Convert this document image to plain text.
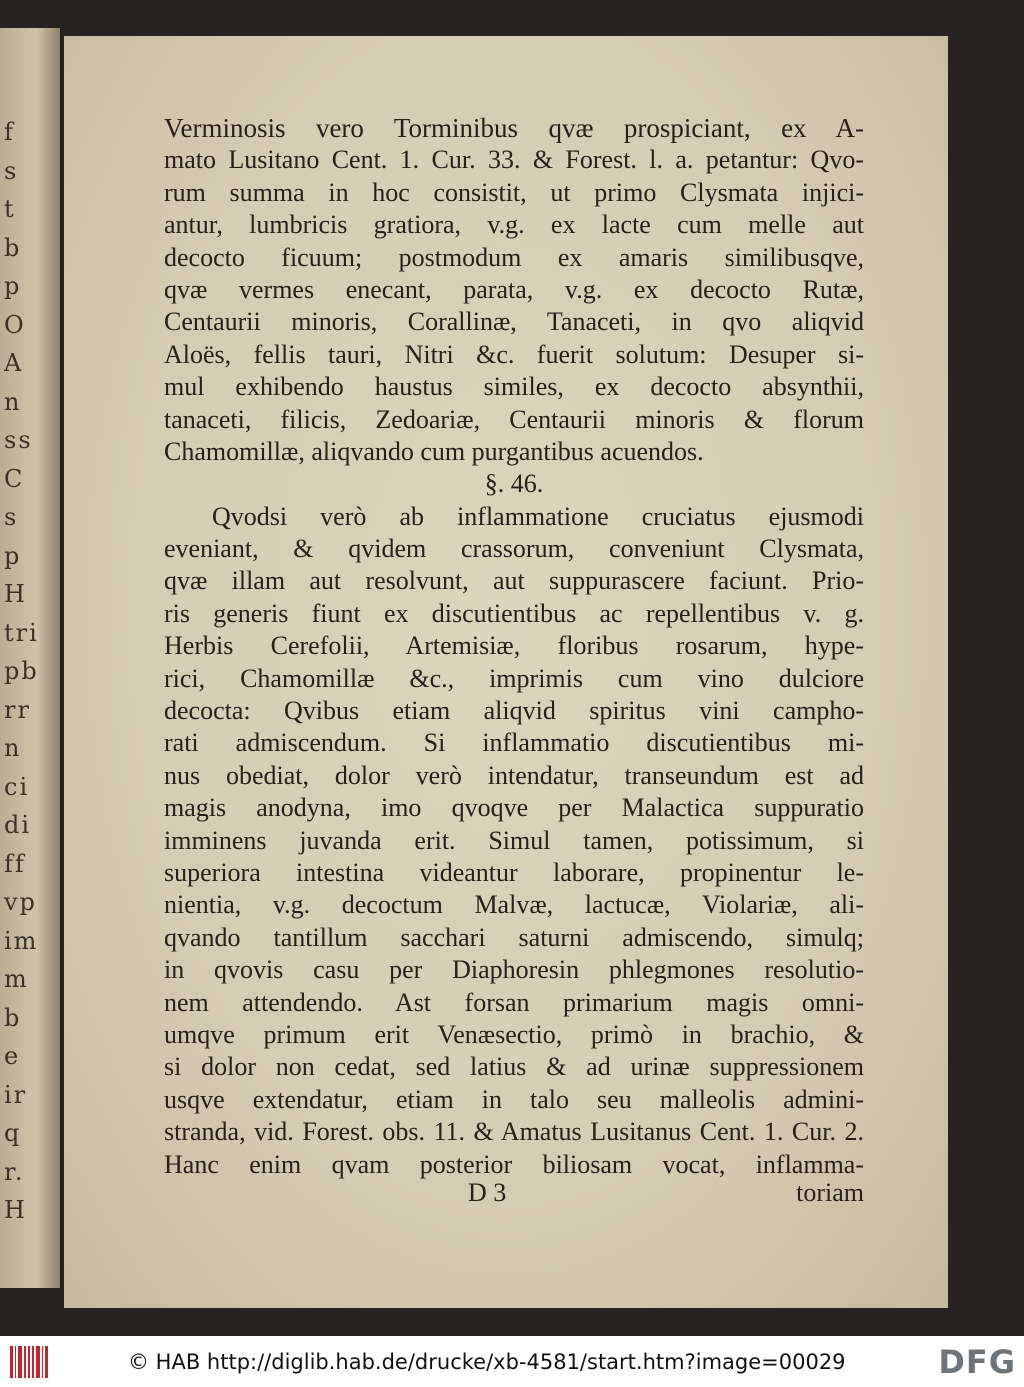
f
s
t
b
p
O
A
n
ss
C
s
p
H
tri
pb
rr
n
ci
di
ff
vp
im
m
b
e
ir
q
r.
H
Verminosis vero Torminibus qvæ prospiciant, ex A-
mato Lusitano Cent. 1. Cur. 33. & Forest. l. a. petantur: Qvo-
rum summa in hoc consistit, ut primo Clysmata injici-
antur, lumbricis gratiora, v.g. ex lacte cum melle aut
decocto ficuum; postmodum ex amaris similibusqve,
qvæ vermes enecant, parata, v.g. ex decocto Rutæ,
Centaurii minoris, Corallinæ, Tanaceti, in qvo aliqvid
Aloës, fellis tauri, Nitri &c. fuerit solutum: Desuper si-
mul exhibendo haustus similes, ex decocto absynthii,
tanaceti, filicis, Zedoariæ, Centaurii minoris & florum
Chamomillæ, aliqvando cum purgantibus acuendos.
§. 46.
Qvodsi verò ab inflammatione cruciatus ejusmodi
eveniant, & qvidem crassorum, conveniunt Clysmata,
qvæ illam aut resolvunt, aut suppurascere faciunt. Prio-
ris generis fiunt ex discutientibus ac repellentibus v. g.
Herbis Cerefolii, Artemisiæ, floribus rosarum, hype-
rici, Chamomillæ &c., imprimis cum vino dulciore
decocta: Qvibus etiam aliqvid spiritus vini campho-
rati admiscendum. Si inflammatio discutientibus mi-
nus obediat, dolor verò intendatur, transeundum est ad
magis anodyna, imo qvoqve per Malactica suppuratio
imminens juvanda erit. Simul tamen, potissimum, si
superiora intestina videantur laborare, propinentur le-
nientia, v.g. decoctum Malvæ, lactucæ, Violariæ, ali-
qvando tantillum sacchari saturni admiscendo, simulq;
in qvovis casu per Diaphoresin phlegmones resolutio-
nem attendendo. Ast forsan primarium magis omni-
umqve primum erit Venæsectio, primò in brachio, &
si dolor non cedat, sed latius & ad urinæ suppressionem
usqve extendatur, etiam in talo seu malleolis admini-
stranda, vid. Forest. obs. 11. & Amatus Lusitanus Cent. 1. Cur. 2.
Hanc enim qvam posterior biliosam vocat, inflamma-
D 3	toriam
© HAB http://diglib.hab.de/drucke/xb-4581/start.htm?image=00029	DFG
